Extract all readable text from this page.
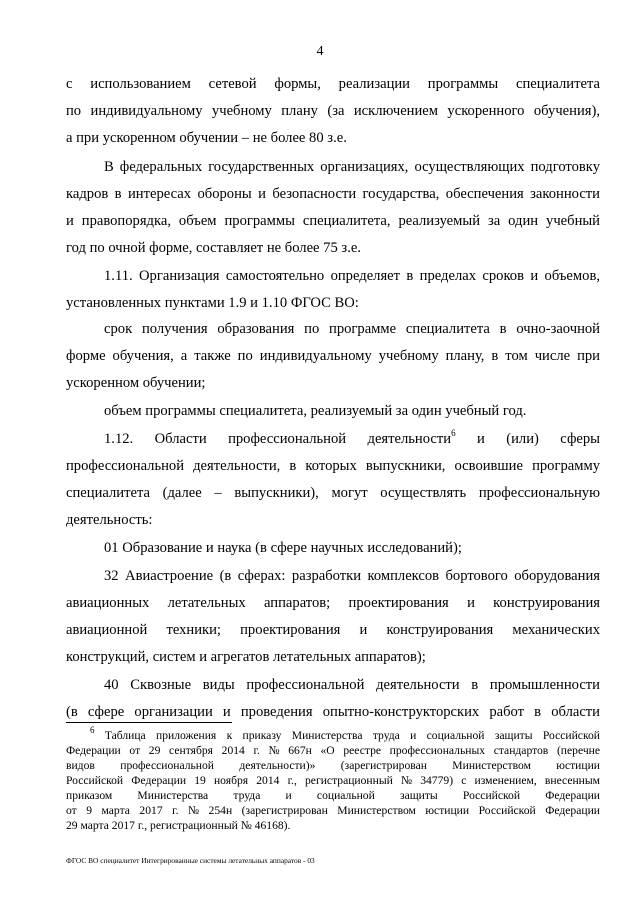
4
с использованием сетевой формы, реализации программы специалитета
по индивидуальному учебному плану (за исключением ускоренного обучения),
а при ускоренном обучении – не более 80 з.е.
В федеральных государственных организациях, осуществляющих подготовку
кадров в интересах обороны и безопасности государства, обеспечения законности
и правопорядка, объем программы специалитета, реализуемый за один учебный
год по очной форме, составляет не более 75 з.е.
1.11. Организация самостоятельно определяет в пределах сроков и объемов,
установленных пунктами 1.9 и 1.10 ФГОС ВО:
срок получения образования по программе специалитета в очно-заочной
форме обучения, а также по индивидуальному учебному плану, в том числе при
ускоренном обучении;
объем программы специалитета, реализуемый за один учебный год.
1.12. Области профессиональной деятельности$^6$ и (или) сферы
профессиональной деятельности, в которых выпускники, освоившие программу
специалитета (далее – выпускники), могут осуществлять профессиональную
деятельность:
01 Образование и наука (в сфере научных исследований);
32 Авиастроение (в сферах: разработки комплексов бортового оборудования
авиационных летательных аппаратов; проектирования и конструирования
авиационной техники; проектирования и конструирования механических
конструкций, систем и агрегатов летательных аппаратов);
40 Сквозные виды профессиональной деятельности в промышленности
(в сфере организации и проведения опытно-конструкторских работ в области
$^6$ Таблица приложения к приказу Министерства труда и социальной защиты Российской
Федерации от 29 сентября 2014 г. № 667н «О реестре профессиональных стандартов (перечне
видов профессиональной деятельности)» (зарегистрирован Министерством юстиции
Российской Федерации 19 ноября 2014 г., регистрационный № 34779) с изменением, внесенным
приказом Министерства труда и социальной защиты Российской Федерации
от 9 марта 2017 г. № 254н (зарегистрирован Министерством юстиции Российской Федерации
29 марта 2017 г., регистрационный № 46168).
ФГОС ВО специалитет Интегрированные системы летательных аппаратов - 03
